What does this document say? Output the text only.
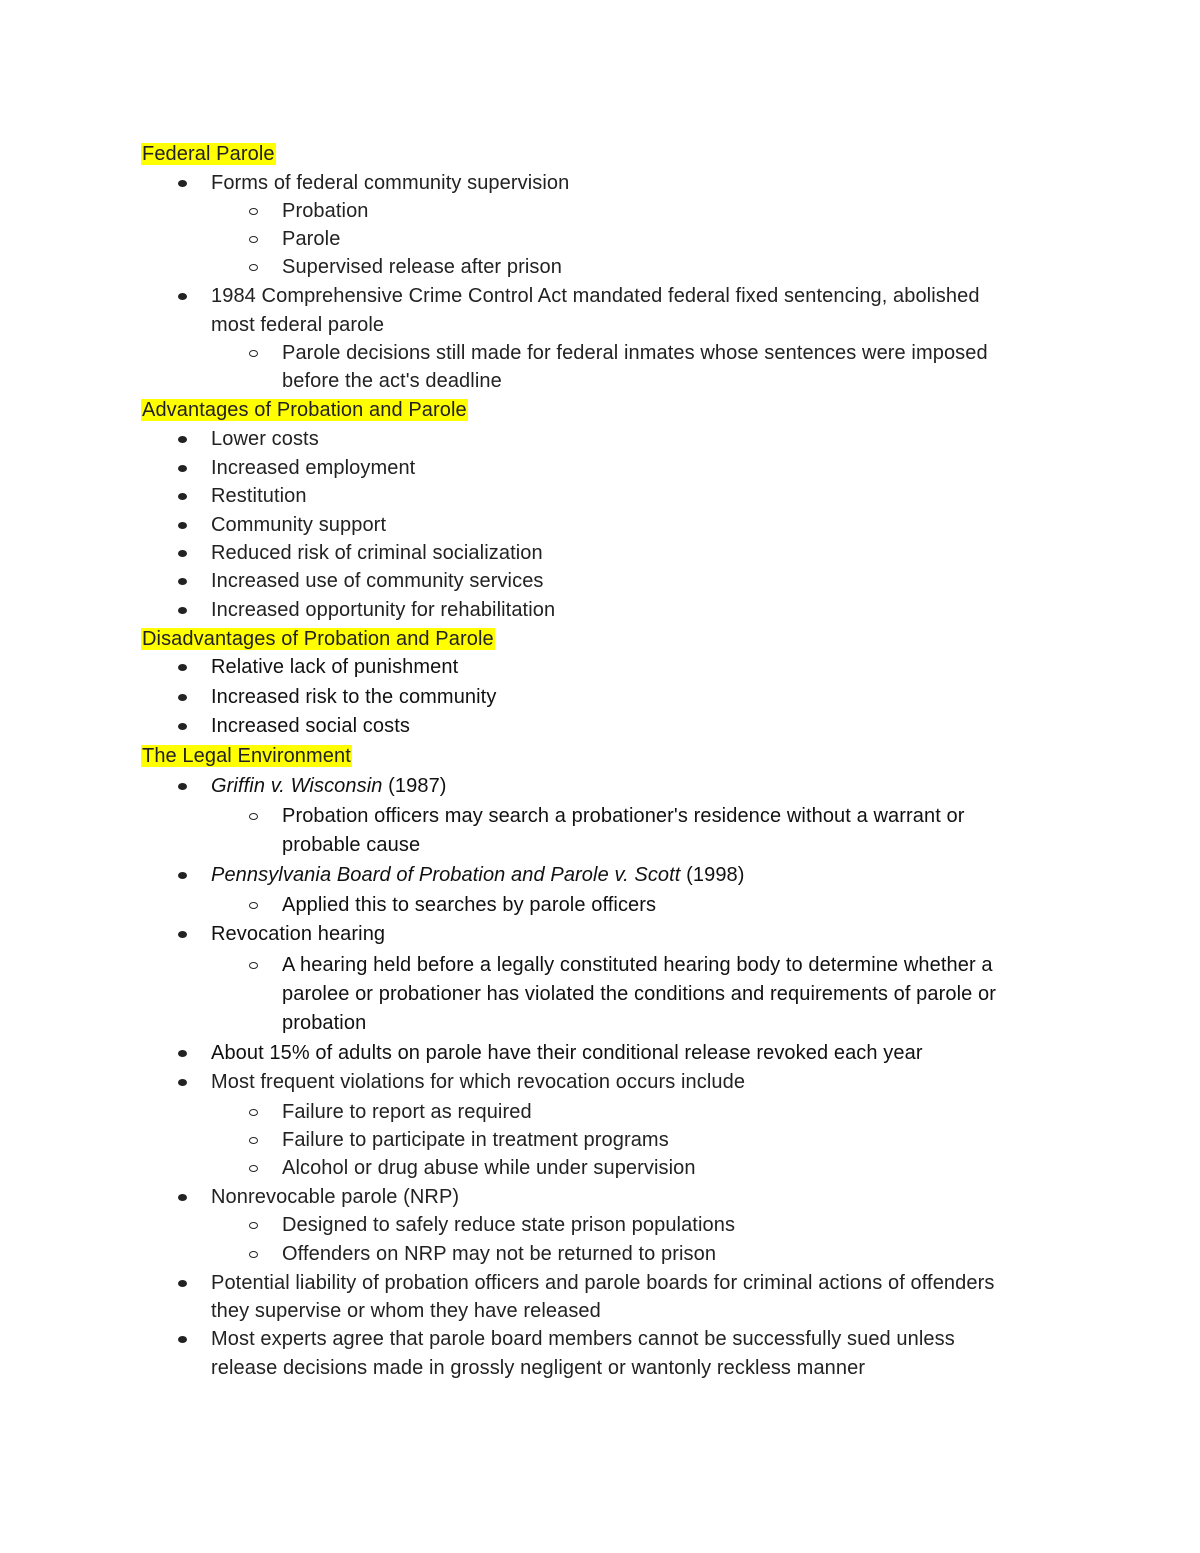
Federal Parole
Forms of federal community supervision
Probation
Parole
Supervised release after prison
1984 Comprehensive Crime Control Act mandated federal fixed sentencing, abolished
most federal parole
Parole decisions still made for federal inmates whose sentences were imposed
before the act's deadline
Advantages of Probation and Parole
Lower costs
Increased employment
Restitution
Community support
Reduced risk of criminal socialization
Increased use of community services
Increased opportunity for rehabilitation
Disadvantages of Probation and Parole
Relative lack of punishment
Increased risk to the community
Increased social costs
The Legal Environment
Griffin v. Wisconsin (1987)
Probation officers may search a probationer's residence without a warrant or
probable cause
Pennsylvania Board of Probation and Parole v. Scott (1998)
Applied this to searches by parole officers
Revocation hearing
A hearing held before a legally constituted hearing body to determine whether a
parolee or probationer has violated the conditions and requirements of parole or
probation
About 15% of adults on parole have their conditional release revoked each year
Most frequent violations for which revocation occurs include
Failure to report as required
Failure to participate in treatment programs
Alcohol or drug abuse while under supervision
Nonrevocable parole (NRP)
Designed to safely reduce state prison populations
Offenders on NRP may not be returned to prison
Potential liability of probation officers and parole boards for criminal actions of offenders
they supervise or whom they have released
Most experts agree that parole board members cannot be successfully sued unless
release decisions made in grossly negligent or wantonly reckless manner
